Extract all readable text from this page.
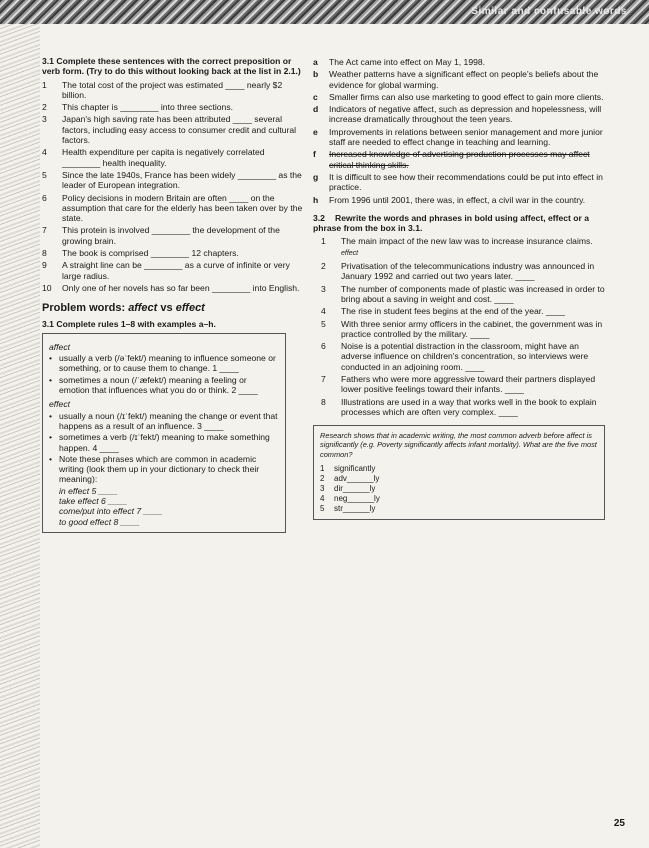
Similar and confusable words

3.1 Complete these sentences with the correct preposition or verb form. (Try to do this without looking back at the list in 2.1.)

1	The total cost of the project was estimated ____ nearly $2 billion.
2	This chapter is ________ into three sections.
3	Japan's high saving rate has been attributed ____ several factors, including easy access to consumer credit and cultural factors.
4	Health expenditure per capita is negatively correlated ________ health inequality.
5	Since the late 1940s, France has been widely ________ as the leader of European integration.
6	Policy decisions in modern Britain are often ____ on the assumption that care for the elderly has been taken over by the state.
7	This protein is involved ________ the development of the growing brain.
8	The book is comprised ________ 12 chapters.
9	A straight line can be ________ as a curve of infinite or very large radius.
10	Only one of her novels has so far been ________ into English.
Problem words: affect vs effect

3.1 Complete rules 1–8 with examples a–h.

affect
• usually a verb (/əˈfekt/) meaning to influence someone or something, or to cause them to change. 1 ____
• sometimes a noun (/ˈæfekt/) meaning a feeling or emotion that influences what you do or think. 2 ____
effect
• usually a noun (/ɪˈfekt/) meaning the change or event that happens as a result of an influence. 3 ____
• sometimes a verb (/ɪˈfekt/) meaning to make something happen. 4 ____
• Note these phrases which are common in academic writing (look them up in your dictionary to check their meaning):
in effect 5 ____
take effect 6 ____
come/put into effect 7 ____
to good effect 8 ____
a	The Act came into effect on May 1, 1998.
b	Weather patterns have a significant effect on people's beliefs about the evidence for global warming.
c	Smaller firms can also use marketing to good effect to gain more clients.
d	Indicators of negative affect, such as depression and hopelessness, will increase dramatically throughout the teen years.
e	Improvements in relations between senior management and more junior staff are needed to effect change in teaching and learning.
f	Increased knowledge of advertising production processes may affect critical thinking skills.
g	It is difficult to see how their recommendations could be put into effect in practice.
h	From 1996 until 2001, there was, in effect, a civil war in the country.

3.2 Rewrite the words and phrases in bold using affect, effect or a phrase from the box in 3.1.

1	The main impact of the new law was to increase insurance claims. effect
2	Privatisation of the telecommunications industry was announced in January 1992 and carried out two years later. ____
3	The number of components made of plastic was increased in order to bring about a saving in weight and cost. ____
4	The rise in student fees begins at the end of the year. ____
5	With three senior army officers in the cabinet, the government was in practice controlled by the military. ____
6	Noise is a potential distraction in the classroom, might have an adverse influence on children's concentration, so interviews were conducted in an adjoining room. ____
7	Fathers who were more aggressive toward their partners displayed lower positive feelings toward their infants. ____
8	Illustrations are used in a way that works well in the book to explain processes which are often very complex. ____
Research shows that in academic writing, the most common adverb before affect is significantly (e.g. Poverty significantly affects infant mortality). What are the five most common?
1	significantly
2	adv______ly
3	dir______ly
4	neg______ly
5	str______ly
25
